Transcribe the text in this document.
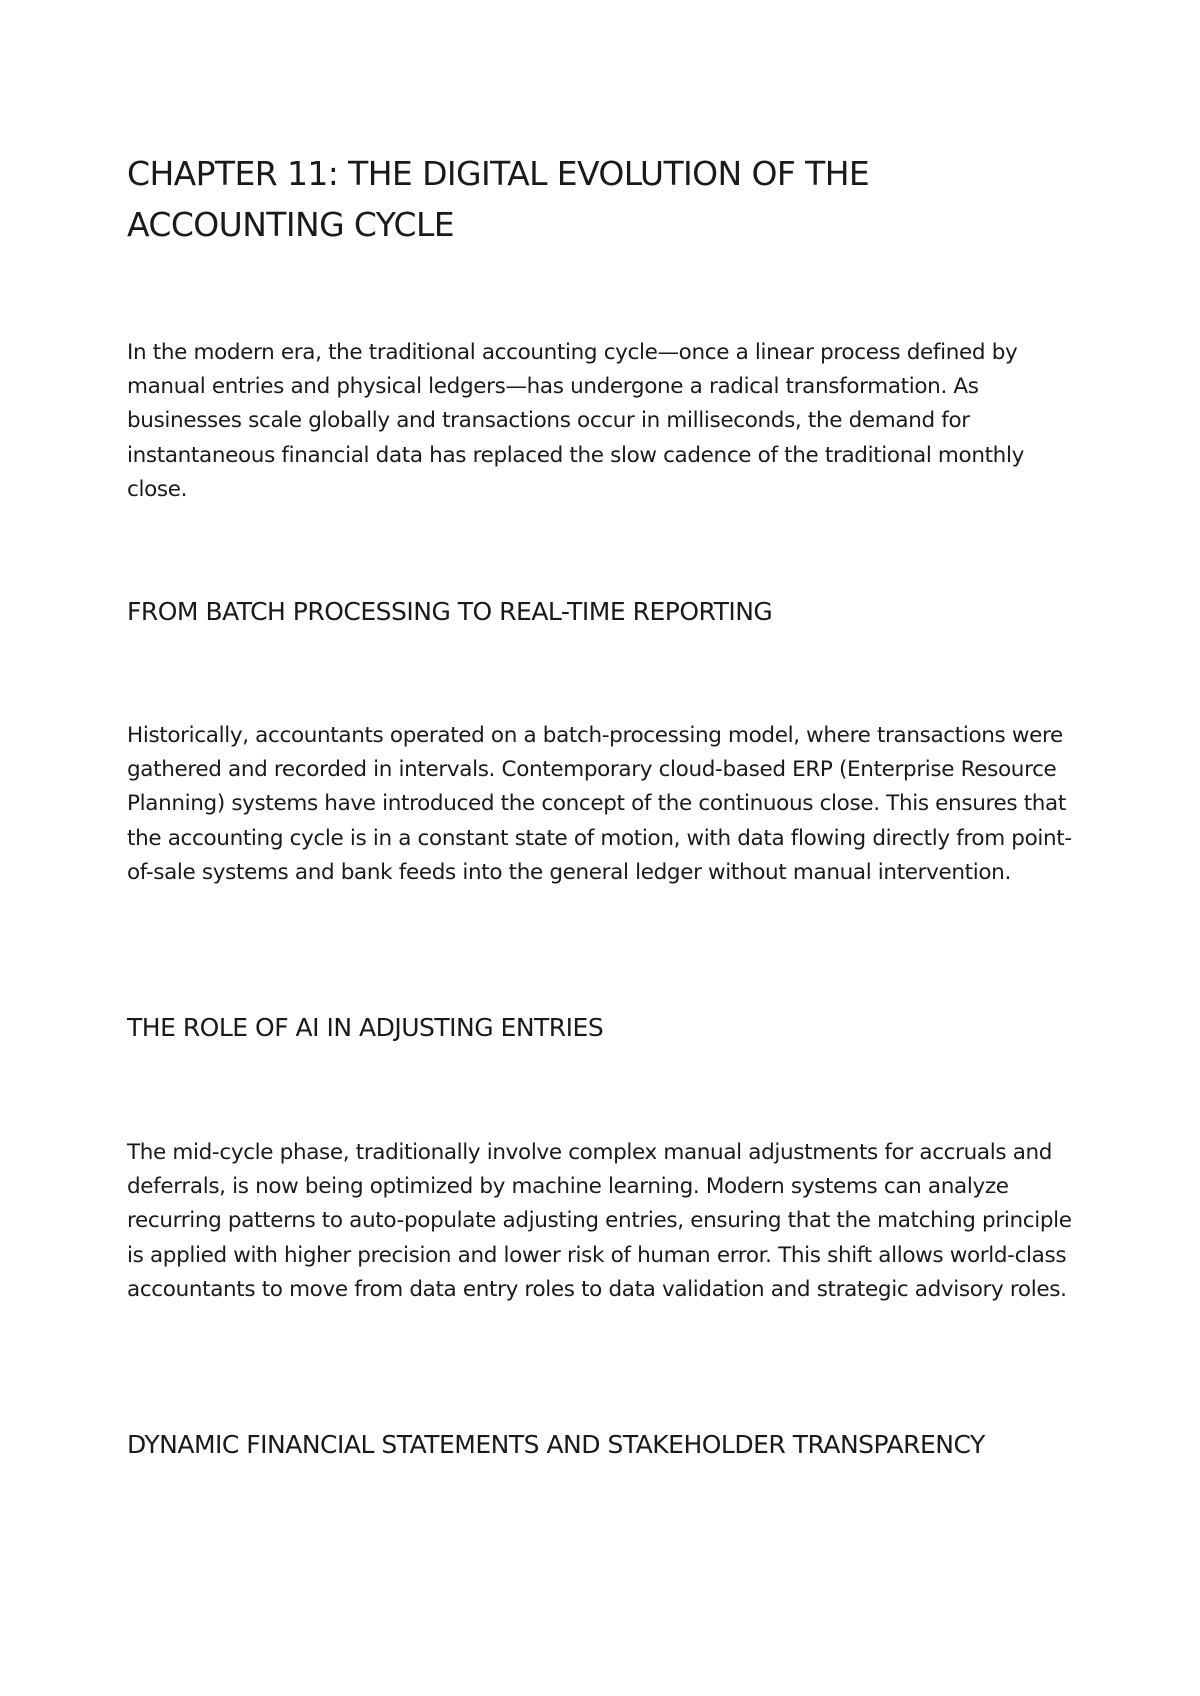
CHAPTER 11: THE DIGITAL EVOLUTION OF THE ACCOUNTING CYCLE

In the modern era, the traditional accounting cycle—once a linear process defined by manual entries and physical ledgers—has undergone a radical transformation. As businesses scale globally and transactions occur in milliseconds, the demand for instantaneous financial data has replaced the slow cadence of the traditional monthly close.

FROM BATCH PROCESSING TO REAL-TIME REPORTING

Historically, accountants operated on a batch-processing model, where transactions were gathered and recorded in intervals. Contemporary cloud-based ERP (Enterprise Resource Planning) systems have introduced the concept of the continuous close. This ensures that the accounting cycle is in a constant state of motion, with data flowing directly from point-of-sale systems and bank feeds into the general ledger without manual intervention.

THE ROLE OF AI IN ADJUSTING ENTRIES

The mid-cycle phase, traditionally involve complex manual adjustments for accruals and deferrals, is now being optimized by machine learning. Modern systems can analyze recurring patterns to auto-populate adjusting entries, ensuring that the matching principle is applied with higher precision and lower risk of human error. This shift allows world-class accountants to move from data entry roles to data validation and strategic advisory roles.

DYNAMIC FINANCIAL STATEMENTS AND STAKEHOLDER TRANSPARENCY
